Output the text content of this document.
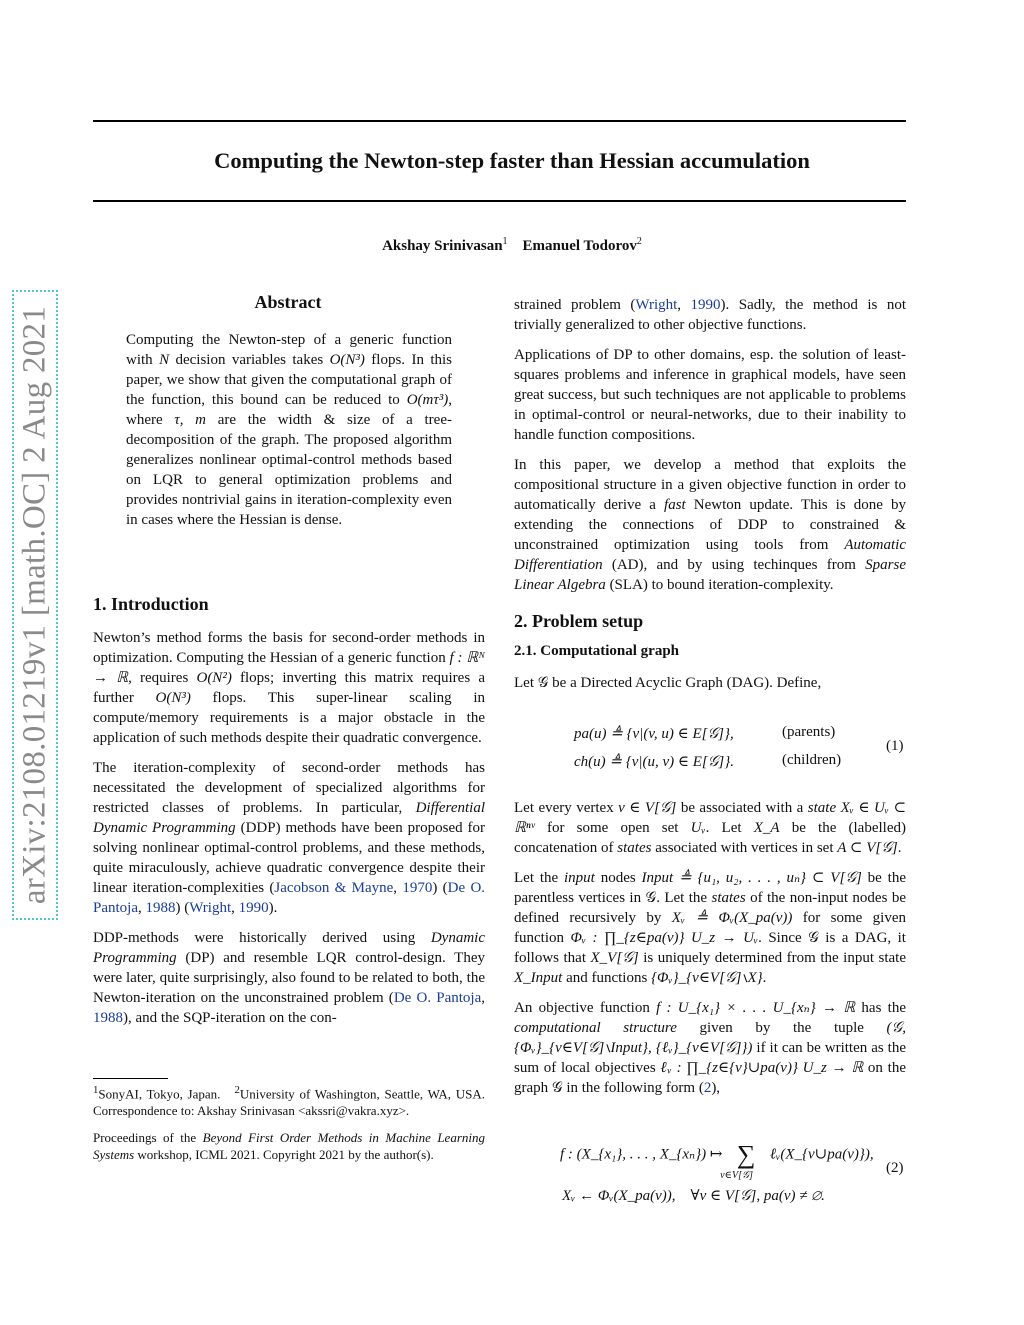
Computing the Newton-step faster than Hessian accumulation
Akshay Srinivasan$^1$ Emanuel Todorov$^2$
arXiv:2108.01219v1 [math.OC] 2 Aug 2021
Abstract
Computing the Newton-step of a generic function with N decision variables takes O(N³) flops. In this paper, we show that given the computational graph of the function, this bound can be reduced to O(mτ³), where τ, m are the width & size of a tree-decomposition of the graph. The proposed algorithm generalizes nonlinear optimal-control methods based on LQR to general optimization problems and provides nontrivial gains in iteration-complexity even in cases where the Hessian is dense.

1. Introduction

Newton’s method forms the basis for second-order methods in optimization. Computing the Hessian of a generic function f : ℝᴺ → ℝ, requires O(N²) flops; inverting this matrix requires a further O(N³) flops. This super-linear scaling in compute/memory requirements is a major obstacle in the application of such methods despite their quadratic convergence.

The iteration-complexity of second-order methods has necessitated the development of specialized algorithms for restricted classes of problems. In particular, Differential Dynamic Programming (DDP) methods have been proposed for solving nonlinear optimal-control problems, and these methods, quite miraculously, achieve quadratic convergence despite their linear iteration-complexities (Jacobson & Mayne, 1970) (De O. Pantoja, 1988) (Wright, 1990).

DDP-methods were historically derived using Dynamic Programming (DP) and resemble LQR control-design. They were later, quite surprisingly, also found to be related to both, the Newton-iteration on the unconstrained problem (De O. Pantoja, 1988), and the SQP-iteration on the con-

$^1$SonyAI, Tokyo, Japan. $^2$University of Washington, Seattle, WA, USA. Correspondence to: Akshay Srinivasan <akssri@vakra.xyz>.

Proceedings of the Beyond First Order Methods in Machine Learning Systems workshop, ICML 2021. Copyright 2021 by the author(s).

strained problem (Wright, 1990). Sadly, the method is not trivially generalized to other objective functions.

Applications of DP to other domains, esp. the solution of least-squares problems and inference in graphical models, have seen great success, but such techniques are not applicable to problems in optimal-control or neural-networks, due to their inability to handle function compositions.

In this paper, we develop a method that exploits the compositional structure in a given objective function in order to automatically derive a fast Newton update. This is done by extending the connections of DDP to constrained & unconstrained optimization using tools from Automatic Differentiation (AD), and by using techinques from Sparse Linear Algebra (SLA) to bound iteration-complexity.

2. Problem setup

2.1. Computational graph

Let 𝒢 be a Directed Acyclic Graph (DAG). Define,

pa(u) ≜ {v|(v, u) ∈ E[𝒢]},	(parents)
ch(u) ≜ {v|(u, v) ∈ E[𝒢]}.	(children)
(1)

Let every vertex v ∈ V[𝒢] be associated with a state Xᵥ ∈ Uᵥ ⊂ ℝⁿᵛ for some open set Uᵥ. Let X_A be the (labelled) concatenation of states associated with vertices in set A ⊂ V[𝒢].

Let the input nodes Input ≜ {u₁, u₂, . . . , uₙ} ⊂ V[𝒢] be the parentless vertices in 𝒢. Let the states of the non-input nodes be defined recursively by Xᵥ ≜ Φᵥ(X_pa(v)) for some given function Φᵥ : ∏_{z∈pa(v)} U_z → Uᵥ. Since 𝒢 is a DAG, it follows that X_V[𝒢] is uniquely determined from the input state X_Input and functions {Φᵥ}_{v∈V[𝒢]∖X}.

An objective function f : U_{x₁} × . . . U_{xₙ} → ℝ has the computational structure given by the tuple (𝒢, {Φᵥ}_{v∈V[𝒢]∖Input}, {ℓᵥ}_{v∈V[𝒢]}) if it can be written as the sum of local objectives ℓᵥ : ∏_{z∈{v}∪pa(v)} U_z → ℝ on the graph 𝒢 in the following form (2),

f : (X_{x₁}, . . . , X_{xₙ}) ↦ ∑
v∈V[𝒢]
ℓᵥ(X_{v∪pa(v)}),
Xᵥ ← Φᵥ(X_pa(v)),    ∀v ∈ V[𝒢], pa(v) ≠ ∅.
(2)
